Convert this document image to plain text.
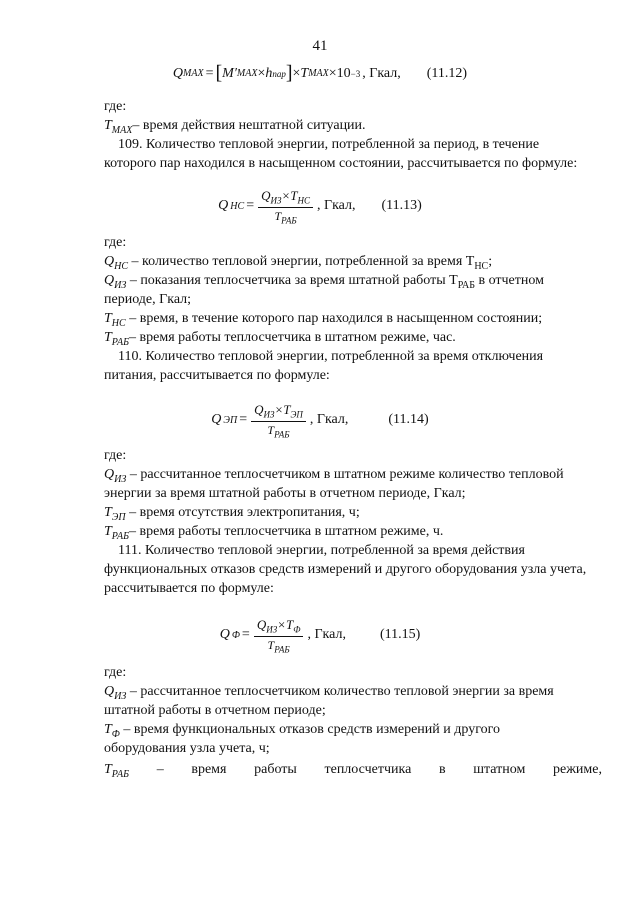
41
Q MAX = [ M′ MAX × h пар ] × T MAX ×10 −3 , Гкал, (11.12)
где:
$T_{MAX}-$ время действия нештатной ситуации.
109. Количество тепловой энергии, потребленной за период, в течение
которого пар находился в насыщенном состоянии, рассчитывается по формуле:
Q НС = $\frac{Q_{ИЗ}\times T_{НС}}{T_{РАБ}}$ , Гкал, (11.13)
где:
$Q_{НС}$ – количество тепловой энергии, потребленной за время $Т_{НС}$;
$Q_{ИЗ}$ – показания теплосчетчика за время штатной работы $Т_{РАБ}$ в отчетном
периоде, Гкал;
$T_{НС}$ – время, в течение которого пар находился в насыщенном состоянии;
$T_{РАБ}-$ время работы теплосчетчика в штатном режиме, час.
110. Количество тепловой энергии, потребленной за время отключения
питания, рассчитывается по формуле:
Q ЭП = $\frac{Q_{ИЗ}\times T_{ЭП}}{T_{РАБ}}$ , Гкал,	(11.14)
где:
$Q_{ИЗ}$ – рассчитанное теплосчетчиком в штатном режиме количество тепловой
энергии за время штатной работы в отчетном периоде, Гкал;
$T_{ЭП}$ – время отсутствия электропитания, ч;
$T_{РАБ}-$ время работы теплосчетчика в штатном режиме, ч.
111. Количество тепловой энергии, потребленной за время действия
функциональных отказов средств измерений и другого оборудования узла учета,
рассчитывается по формуле:
Q $Ф = \frac{Q_{ИЗ}\times T_Ф}{T_{РАБ}}$ , Гкал, (11.15)
где:
$Q_{ИЗ}$ – рассчитанное теплосчетчиком количество тепловой энергии за время
штатной работы в отчетном периоде;
$T_Ф$ – время функциональных отказов средств измерений и другого
оборудования узла учета, ч;
$T_{РАБ}$ – время работы теплосчетчика в штатном режиме,
